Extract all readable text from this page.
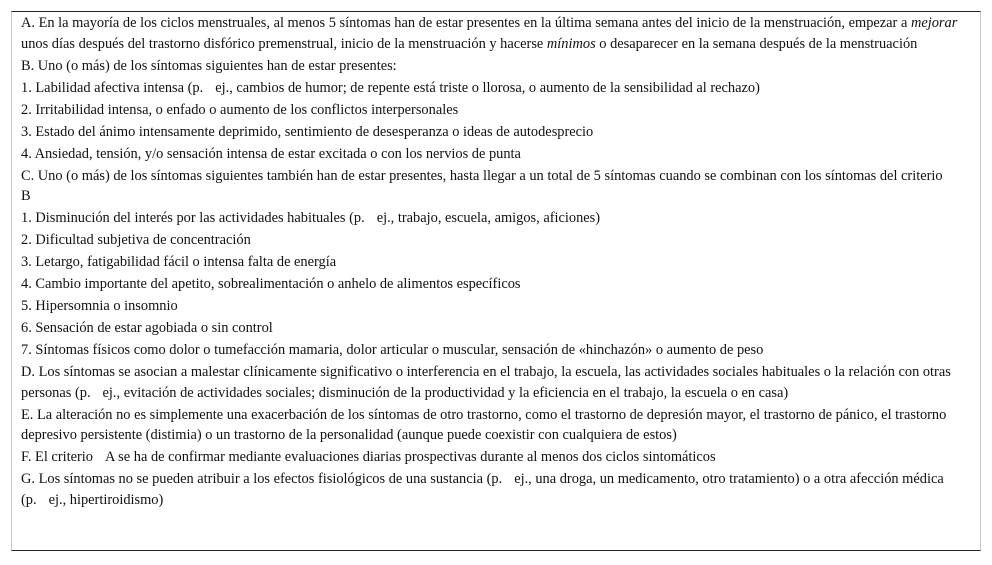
A. En la mayoría de los ciclos menstruales, al menos 5 síntomas han de estar presentes en la última semana antes del inicio de la menstruación, empezar a mejorar unos días después del trastorno disfórico premenstrual, inicio de la menstruación y hacerse mínimos o desaparecer en la semana después de la menstruación

B. Uno (o más) de los síntomas siguientes han de estar presentes:

1. Labilidad afectiva intensa (p. ej., cambios de humor; de repente está triste o llorosa, o aumento de la sensibilidad al rechazo)

2. Irritabilidad intensa, o enfado o aumento de los conflictos interpersonales

3. Estado del ánimo intensamente deprimido, sentimiento de desesperanza o ideas de autodesprecio

4. Ansiedad, tensión, y/o sensación intensa de estar excitada o con los nervios de punta

C. Uno (o más) de los síntomas siguientes también han de estar presentes, hasta llegar a un total de 5 síntomas cuando se combinan con los síntomas del criterioB

1. Disminución del interés por las actividades habituales (p. ej., trabajo, escuela, amigos, aficiones)

2. Dificultad subjetiva de concentración

3. Letargo, fatigabilidad fácil o intensa falta de energía

4. Cambio importante del apetito, sobrealimentación o anhelo de alimentos específicos

5. Hipersomnia o insomnio

6. Sensación de estar agobiada o sin control

7. Síntomas físicos como dolor o tumefacción mamaria, dolor articular o muscular, sensación de «hinchazón» o aumento de peso

D. Los síntomas se asocian a malestar clínicamente significativo o interferencia en el trabajo, la escuela, las actividades sociales habituales o la relación con otras personas (p. ej., evitación de actividades sociales; disminución de la productividad y la eficiencia en el trabajo, la escuela o en casa)

E. La alteración no es simplemente una exacerbación de los síntomas de otro trastorno, como el trastorno de depresión mayor, el trastorno de pánico, el trastorno depresivo persistente (distimia) o un trastorno de la personalidad (aunque puede coexistir con cualquiera de estos)

F. El criterio A se ha de confirmar mediante evaluaciones diarias prospectivas durante al menos dos ciclos sintomáticos

G. Los síntomas no se pueden atribuir a los efectos fisiológicos de una sustancia (p. ej., una droga, un medicamento, otro tratamiento) o a otra afección médica (p. ej., hipertiroidismo)
